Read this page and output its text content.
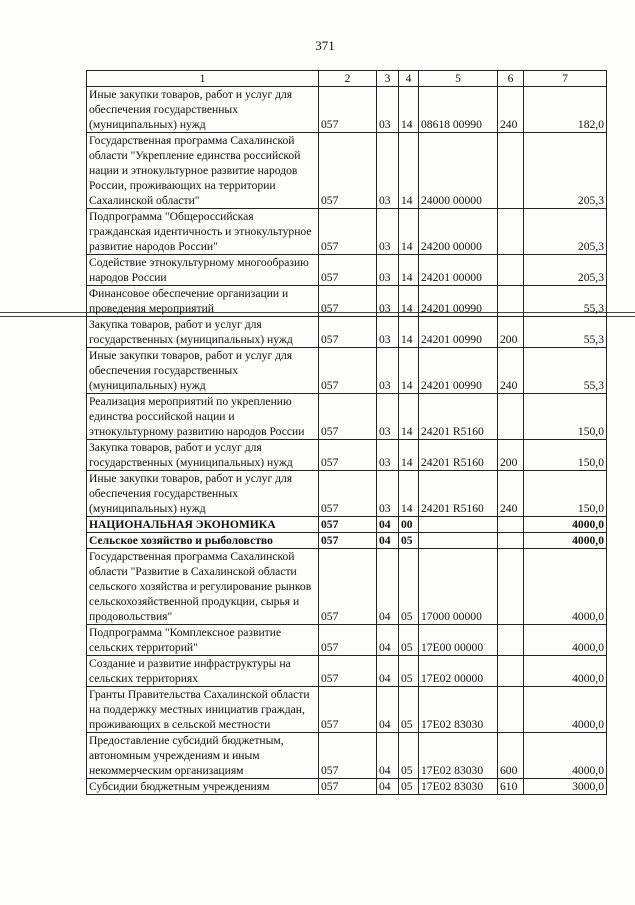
371
1	2	3	4	5	6	7
Иные закупки товаров, работ и услуг для обеспечения государственных (муниципальных) нужд	057	03	14	08618 00990	240	182,0
Государственная программа Сахалинской области "Укрепление единства российской нации и этнокультурное развитие народов России, проживающих на территории Сахалинской области"	057	03	14	24000 00000		205,3
Подпрограмма "Общероссийская гражданская идентичность и этнокультурное развитие народов России"	057	03	14	24200 00000		205,3
Содействие этнокультурному многообразию народов России	057	03	14	24201 00000		205,3
Финансовое обеспечение организации и проведения мероприятий	057	03	14	24201 00990		55,3
Закупка товаров, работ и услуг для государственных (муниципальных) нужд	057	03	14	24201 00990	200	55,3
Иные закупки товаров, работ и услуг для обеспечения государственных (муниципальных) нужд	057	03	14	24201 00990	240	55,3
Реализация мероприятий по укреплению единства российской нации и этнокультурному развитию народов России	057	03	14	24201 R5160		150,0
Закупка товаров, работ и услуг для государственных (муниципальных) нужд	057	03	14	24201 R5160	200	150,0
Иные закупки товаров, работ и услуг для обеспечения государственных (муниципальных) нужд	057	03	14	24201 R5160	240	150,0
НАЦИОНАЛЬНАЯ ЭКОНОМИКА	057	04	00			4000,0
Сельское хозяйство и рыболовство	057	04	05			4000,0
Государственная программа Сахалинской области "Развитие в Сахалинской области сельского хозяйства и регулирование рынков сельскохозяйственной продукции, сырья и продовольствия"	057	04	05	17000 00000		4000,0
Подпрограмма "Комплексное развитие сельских территорий"	057	04	05	17E00 00000		4000,0
Создание и развитие инфраструктуры на сельских территориях	057	04	05	17E02 00000		4000,0
Гранты Правительства Сахалинской области на поддержку местных инициатив граждан, проживающих в сельской местности	057	04	05	17E02 83030		4000,0
Предоставление субсидий бюджетным, автономным учреждениям и иным некоммерческим организациям	057	04	05	17E02 83030	600	4000,0
Субсидии бюджетным учреждениям	057	04	05	17E02 83030	610	3000,0
